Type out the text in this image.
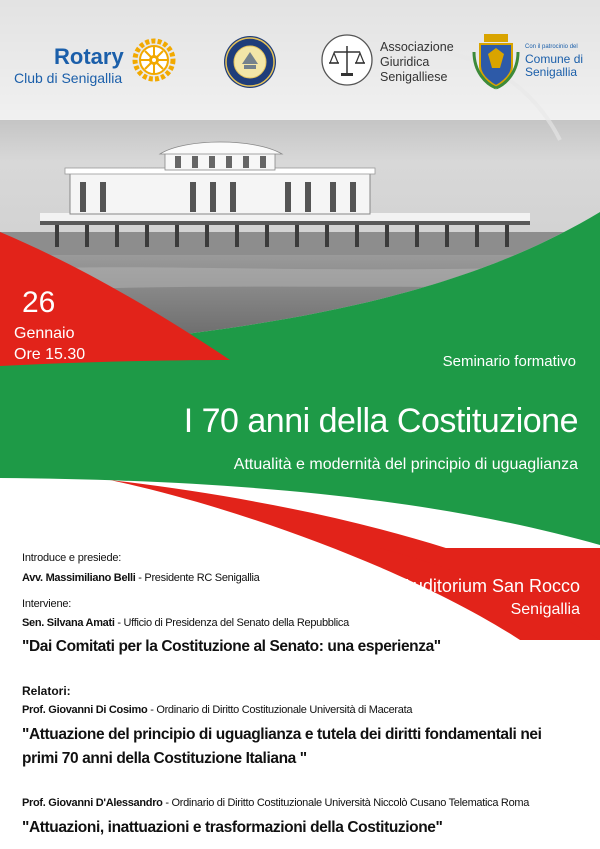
Rotary
Club di Senigallia
Associazione
Giuridica
Senigalliese
Con il patrocinio del
Comune di
Senigallia
26
Gennaio
Ore 15.30	Seminario formativo
I 70 anni della Costituzione
Attualità e modernità del principio di uguaglianza
Auditorium San Rocco
Senigallia
Introduce e presiede:
Avv. Massimiliano Belli - Presidente RC Senigallia
Interviene:
Sen. Silvana Amati - Ufficio di Presidenza del Senato della Repubblica
"Dai Comitati per la Costituzione al Senato: una esperienza"
Relatori:
Prof. Giovanni Di Cosimo - Ordinario di Diritto Costituzionale Università di Macerata
"Attuazione del principio di uguaglianza e tutela dei diritti fondamentali nei
primi 70 anni della Costituzione Italiana "
Prof. Giovanni D'Alessandro - Ordinario di Diritto Costituzionale Università Niccolò Cusano Telematica Roma
"Attuazioni, inattuazioni e trasformazioni della Costituzione"
